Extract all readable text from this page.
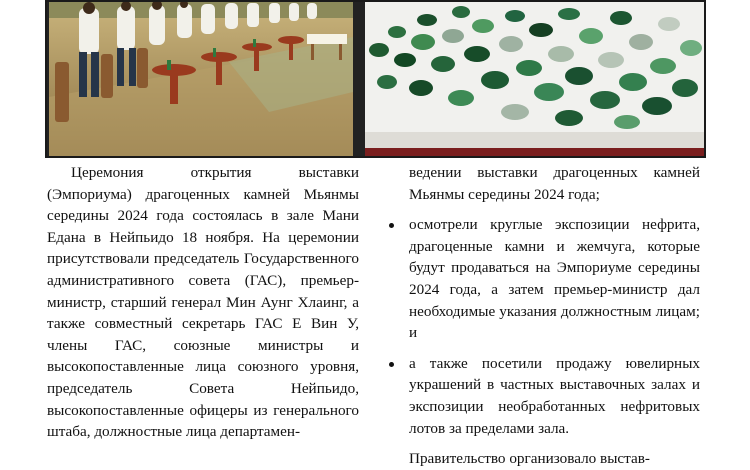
Церемония открытия выставки (Эмпориума) драгоценных камней Мьянмы середины 2024 года состоялась в зале Мани Едана в Нейпьидо 18 ноября. На церемонии присутствовали председатель Государственного административного совета (ГАС), премьер-министр, старший генерал Мин Аунг Хлаинг, а также совместный секретарь ГАС Е Вин У, члены ГАС, союзные министры и высокопоставленные лица союзного уровня, председатель Совета Нейпьидо, высокопоставленные офицеры из генерального штаба, должностные лица департамен-

ведении выставки драгоценных камней Мьянмы середины 2024 года;

осмотрели круглые экспозиции нефрита, драгоценные камни и жемчуга, которые будут продаваться на Эмпориуме середины 2024 года, а затем премьер-министр дал необходимые указания должностным лицам; и

а также посетили продажу ювелирных украшений в частных выставочных залах и экспозиции необработанных нефритовых лотов за пределами зала.

Правительство организовало выстав-
